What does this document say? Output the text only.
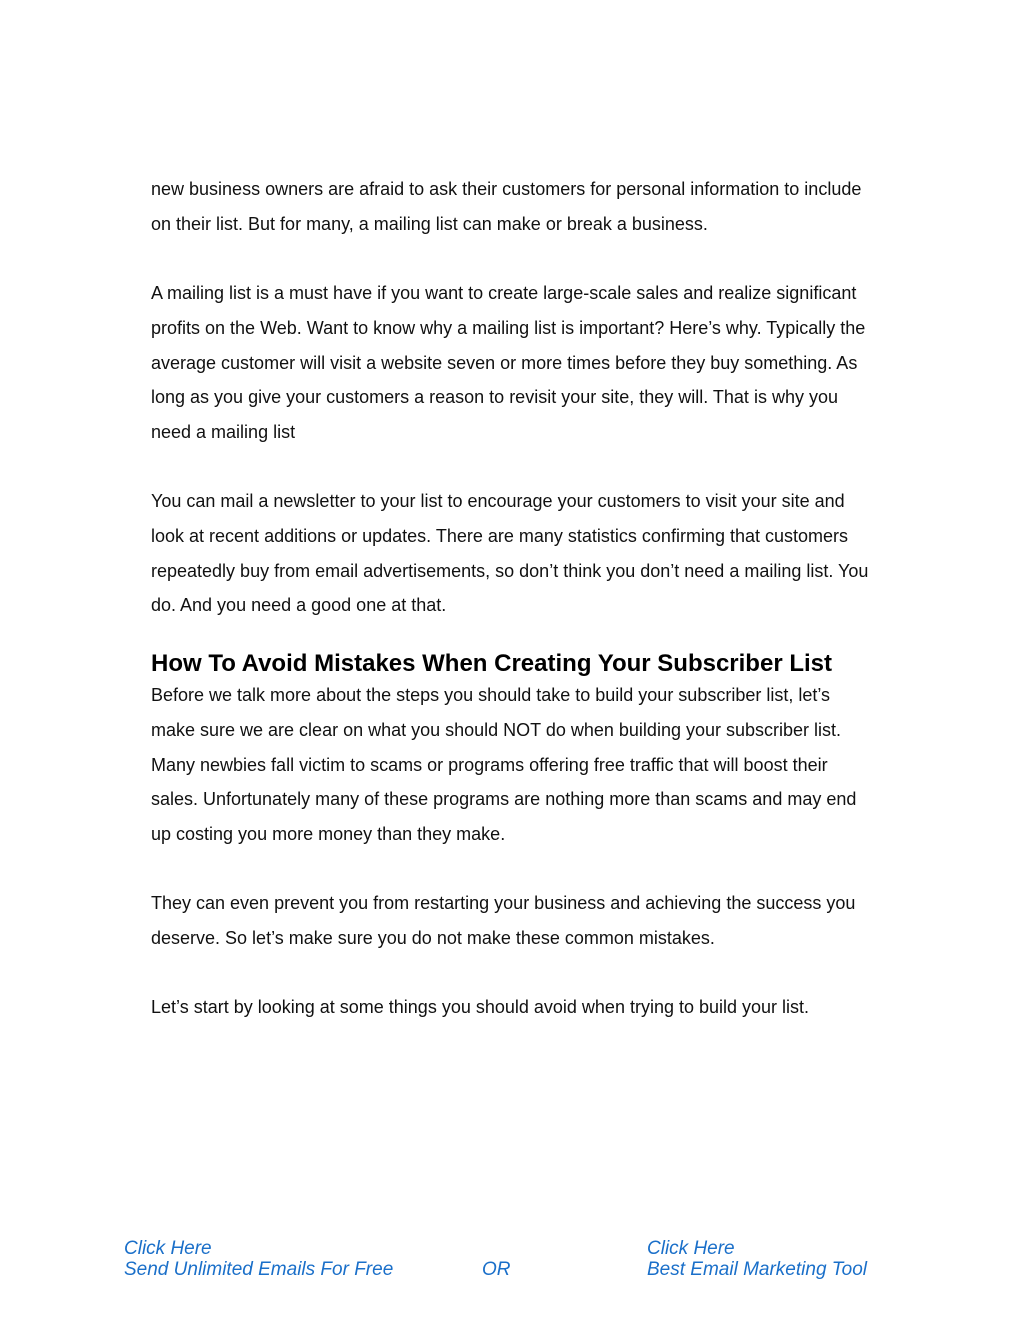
new business owners are afraid to ask their customers for personal information to include on their list. But for many, a mailing list can make or break a business.

A mailing list is a must have if you want to create large-scale sales and realize significant profits on the Web. Want to know why a mailing list is important? Here’s why. Typically the average customer will visit a website seven or more times before they buy something. As long as you give your customers a reason to revisit your site, they will. That is why you need a mailing list

You can mail a newsletter to your list to encourage your customers to visit your site and look at recent additions or updates. There are many statistics confirming that customers repeatedly buy from email advertisements, so don’t think you don’t need a mailing list. You do. And you need a good one at that.

How To Avoid Mistakes When Creating Your Subscriber List

Before we talk more about the steps you should take to build your subscriber list, let’s make sure we are clear on what you should NOT do when building your subscriber list. Many newbies fall victim to scams or programs offering free traffic that will boost their sales. Unfortunately many of these programs are nothing more than scams and may end up costing you more money than they make.

They can even prevent you from restarting your business and achieving the success you deserve. So let’s make sure you do not make these common mistakes.

Let’s start by looking at some things you should avoid when trying to build your list.

Click Here
Send Unlimited Emails For Free	OR
Click Here
Best Email Marketing Tool
